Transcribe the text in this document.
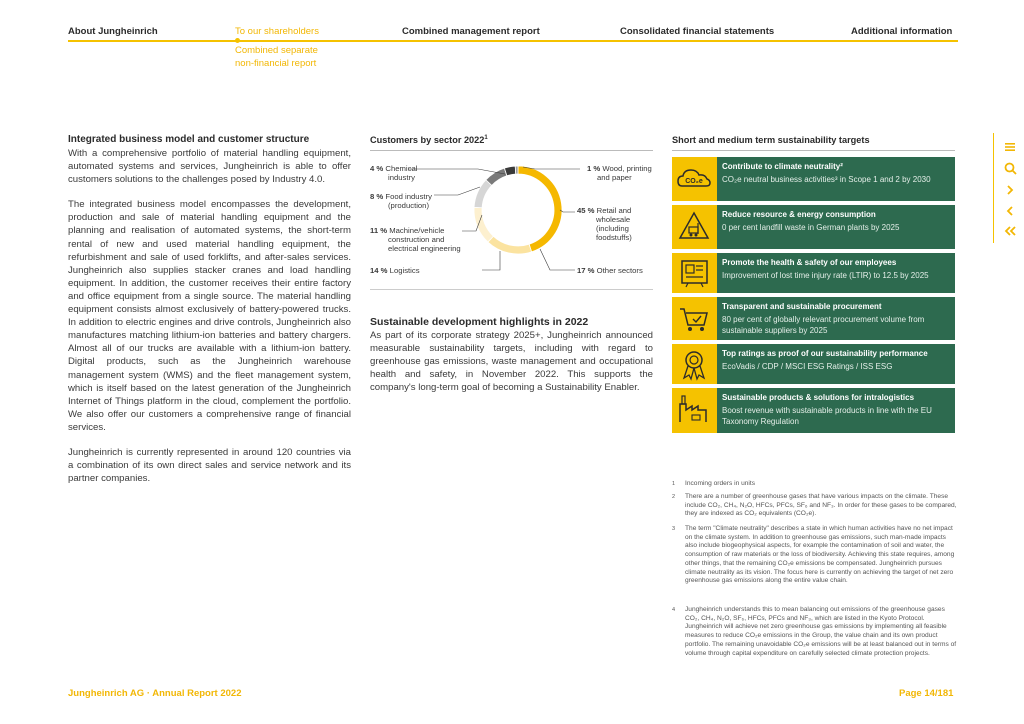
About Jungheinrich	To our shareholders	Combined management report	Consolidated financial statements	Additional information
Combined separate
non-financial report
Integrated business model and customer structure

With a comprehensive portfolio of material handling equipment, automated systems and services, Jungheinrich is able to offer customers solutions to the challenges posed by Industry 4.0.

The integrated business model encompasses the development, production and sale of material handling equipment and the planning and realisation of automated systems, the short-term rental of new and used material handling equipment, the refurbishment and sale of used forklifts, and after-sales services. Jungheinrich also supplies stacker cranes and load handling equipment. In addition, the customer receives their entire factory and office equipment from a single source. The material handling equipment consists almost exclusively of battery-powered trucks. In addition to electric engines and drive controls, Jungheinrich also manufactures matching lithium-ion batteries and battery chargers. Almost all of our trucks are available with a lithium-ion battery. Digital products, such as the Jungheinrich warehouse management system (WMS) and the fleet management system, which is itself based on the latest generation of the Jungheinrich Internet of Things platform in the cloud, complement the portfolio. We also offer our customers a comprehensive range of financial services.

Jungheinrich is currently represented in around 120 countries via a combination of its own direct sales and service network and its partner companies.

Customers by sector 2022$^1$
4 % Chemical
industry
8 % Food industry
(production)
11 % Machine/vehicle
construction and
electrical engineering
14 % Logistics
1 % Wood, printing
and paper
45 % Retail and
wholesale
(including
foodstuffs)
17 % Other sectors
Sustainable development highlights in 2022
As part of its corporate strategy 2025+, Jungheinrich announced measurable sustainability targets, including with regard to greenhouse gas emissions, waste management and occupational health and safety, in November 2022. This supports the company's long-term goal of becoming a Sustainability Enabler.
Short and medium term sustainability targets
CO₂e
Contribute to climate neutrality²
CO₂e neutral business activities³ in Scope 1 and 2 by 2030
Reduce resource & energy consumption
0 per cent landfill waste in German plants by 2025
Promote the health & safety of our employees
Improvement of lost time injury rate (LTIR) to 12.5 by 2025
Transparent and sustainable procurement
80 per cent of globally relevant procurement volume from sustainable suppliers by 2025
Top ratings as proof of our sustainability performance
EcoVadis / CDP / MSCI ESG Ratings / ISS ESG
Sustainable products & solutions for intralogistics
Boost revenue with sustainable products in line with the EU Taxonomy Regulation
1 Incoming orders in units
2 There are a number of greenhouse gases that have various impacts on the climate. These include CO₂, CH₄, N₂O, HFCs, PFCs, SF₆ and NF₃. In order for these gases to be compared, they are indexed as CO₂ equivalents (CO₂e).
3 The term "Climate neutrality" describes a state in which human activities have no net impact on the climate system. In addition to greenhouse gas emissions, such man-made impacts also include biogeophysical aspects, for example the contamination of soil and water, the consumption of raw materials or the loss of biodiversity. Achieving this state requires, among other things, that the remaining CO₂e emissions be compensated. Jungheinrich pursues climate neutrality as its vision. The focus here is currently on achieving the target of net zero greenhouse gas emissions along the entire value chain.
4 Jungheinrich understands this to mean balancing out emissions of the greenhouse gases CO₂, CH₄, N₂O, SF₆, HFCs, PFCs and NF₃, which are listed in the Kyoto Protocol. Jungheinrich will achieve net zero greenhouse gas emissions by implementing all feasible measures to reduce CO₂e emissions in the Group, the value chain and its own product portfolio. The remaining unavoidable CO₂e emissions will be at least balanced out in terms of volume through capital expenditure on carefully selected climate protection projects.
Jungheinrich AG · Annual Report 2022	Page 14/181
